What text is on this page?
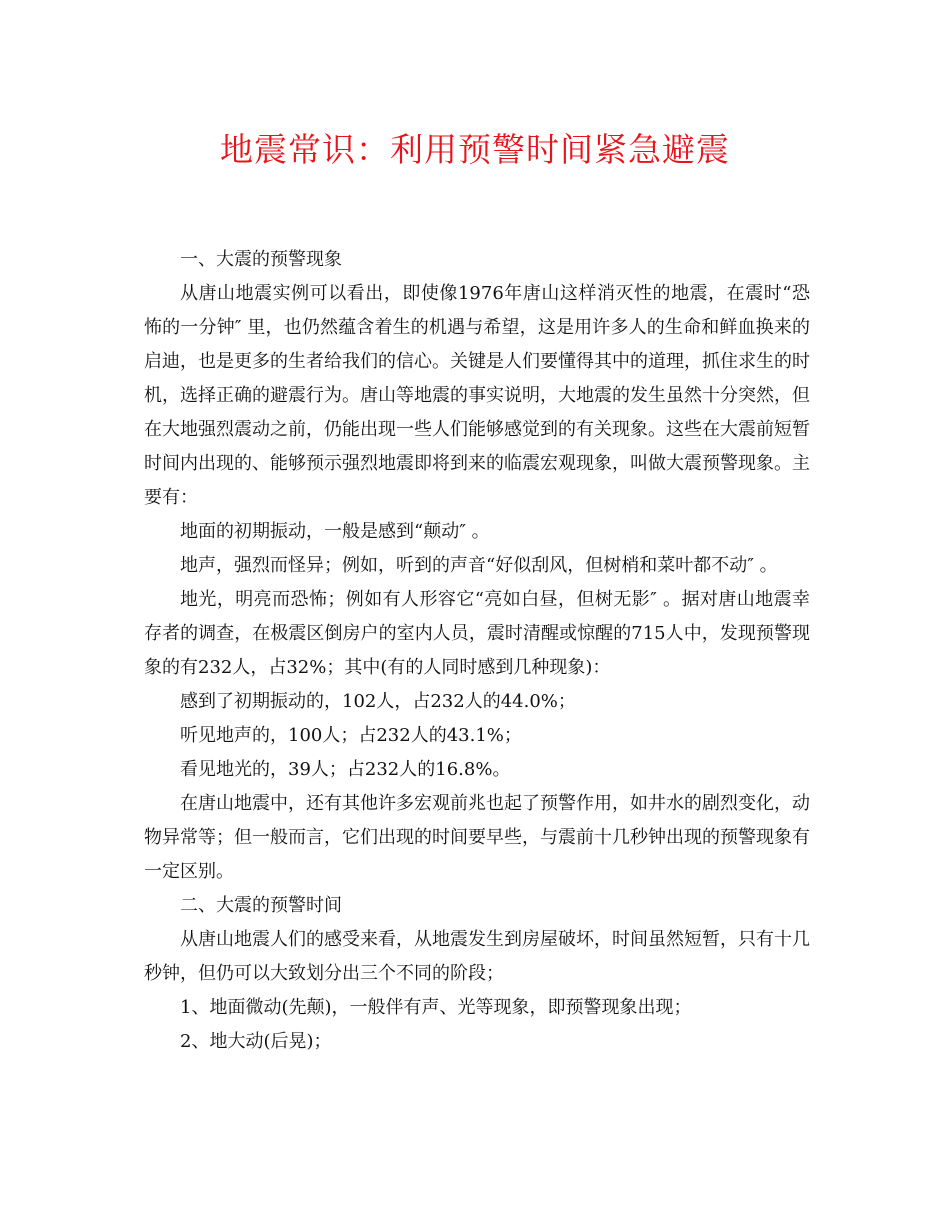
地震常识：利用预警时间紧急避震

一、大震的预警现象

从唐山地震实例可以看出，即使像1976年唐山这样消灭性的地震，在震时“恐怖的一分钟″ 里，也仍然蕴含着生的机遇与希望，这是用许多人的生命和鲜血换来的启迪，也是更多的生者给我们的信心。关键是人们要懂得其中的道理，抓住求生的时机，选择正确的避震行为。唐山等地震的事实说明，大地震的发生虽然十分突然，但在大地强烈震动之前，仍能出现一些人们能够感觉到的有关现象。这些在大震前短暂时间内出现的、能够预示强烈地震即将到来的临震宏观现象，叫做大震预警现象。主要有：

地面的初期振动，一般是感到“颠动″ 。

地声，强烈而怪异；例如，听到的声音“好似刮风，但树梢和菜叶都不动″ 。

地光，明亮而恐怖；例如有人形容它“亮如白昼，但树无影″ 。据对唐山地震幸存者的调查，在极震区倒房户的室内人员，震时清醒或惊醒的715人中，发现预警现象的有232人，占32%；其中(有的人同时感到几种现象)：

感到了初期振动的，102人，占232人的44.0%；

听见地声的，100人；占232人的43.1%；

看见地光的，39人；占232人的16.8%。

在唐山地震中，还有其他许多宏观前兆也起了预警作用，如井水的剧烈变化，动物异常等；但一般而言，它们出现的时间要早些，与震前十几秒钟出现的预警现象有一定区别。

二、大震的预警时间

从唐山地震人们的感受来看，从地震发生到房屋破坏，时间虽然短暂，只有十几秒钟，但仍可以大致划分出三个不同的阶段；

1、地面微动(先颠)，一般伴有声、光等现象，即预警现象出现；

2、地大动(后晃)；
